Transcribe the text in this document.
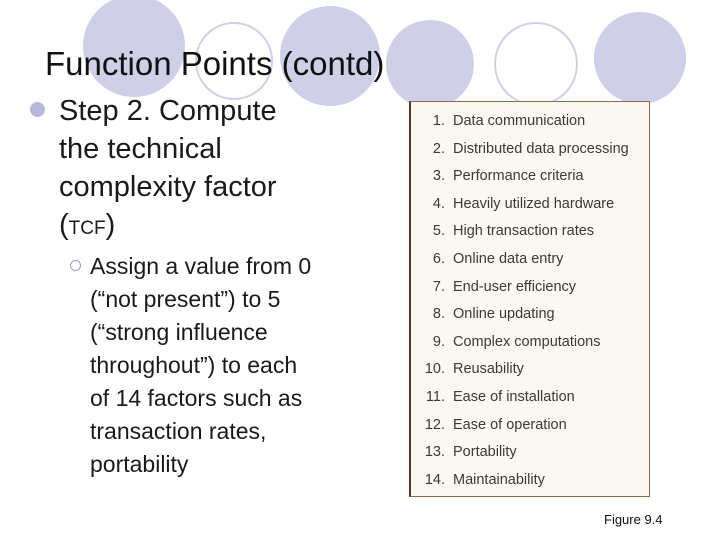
Function Points (contd)
Step 2. Compute
the technical
complexity factor
(TCF)
Assign a value from 0
(“not present”) to 5
(“strong influence
throughout”) to each
of 14 factors such as
transaction rates,
portability
1. Data communication
2. Distributed data processing
3. Performance criteria
4. Heavily utilized hardware
5. High transaction rates
6. Online data entry
7. End-user efficiency
8. Online updating
9. Complex computations
10. Reusability
11. Ease of installation
12. Ease of operation
13. Portability
14. Maintainability
Figure 9.4
